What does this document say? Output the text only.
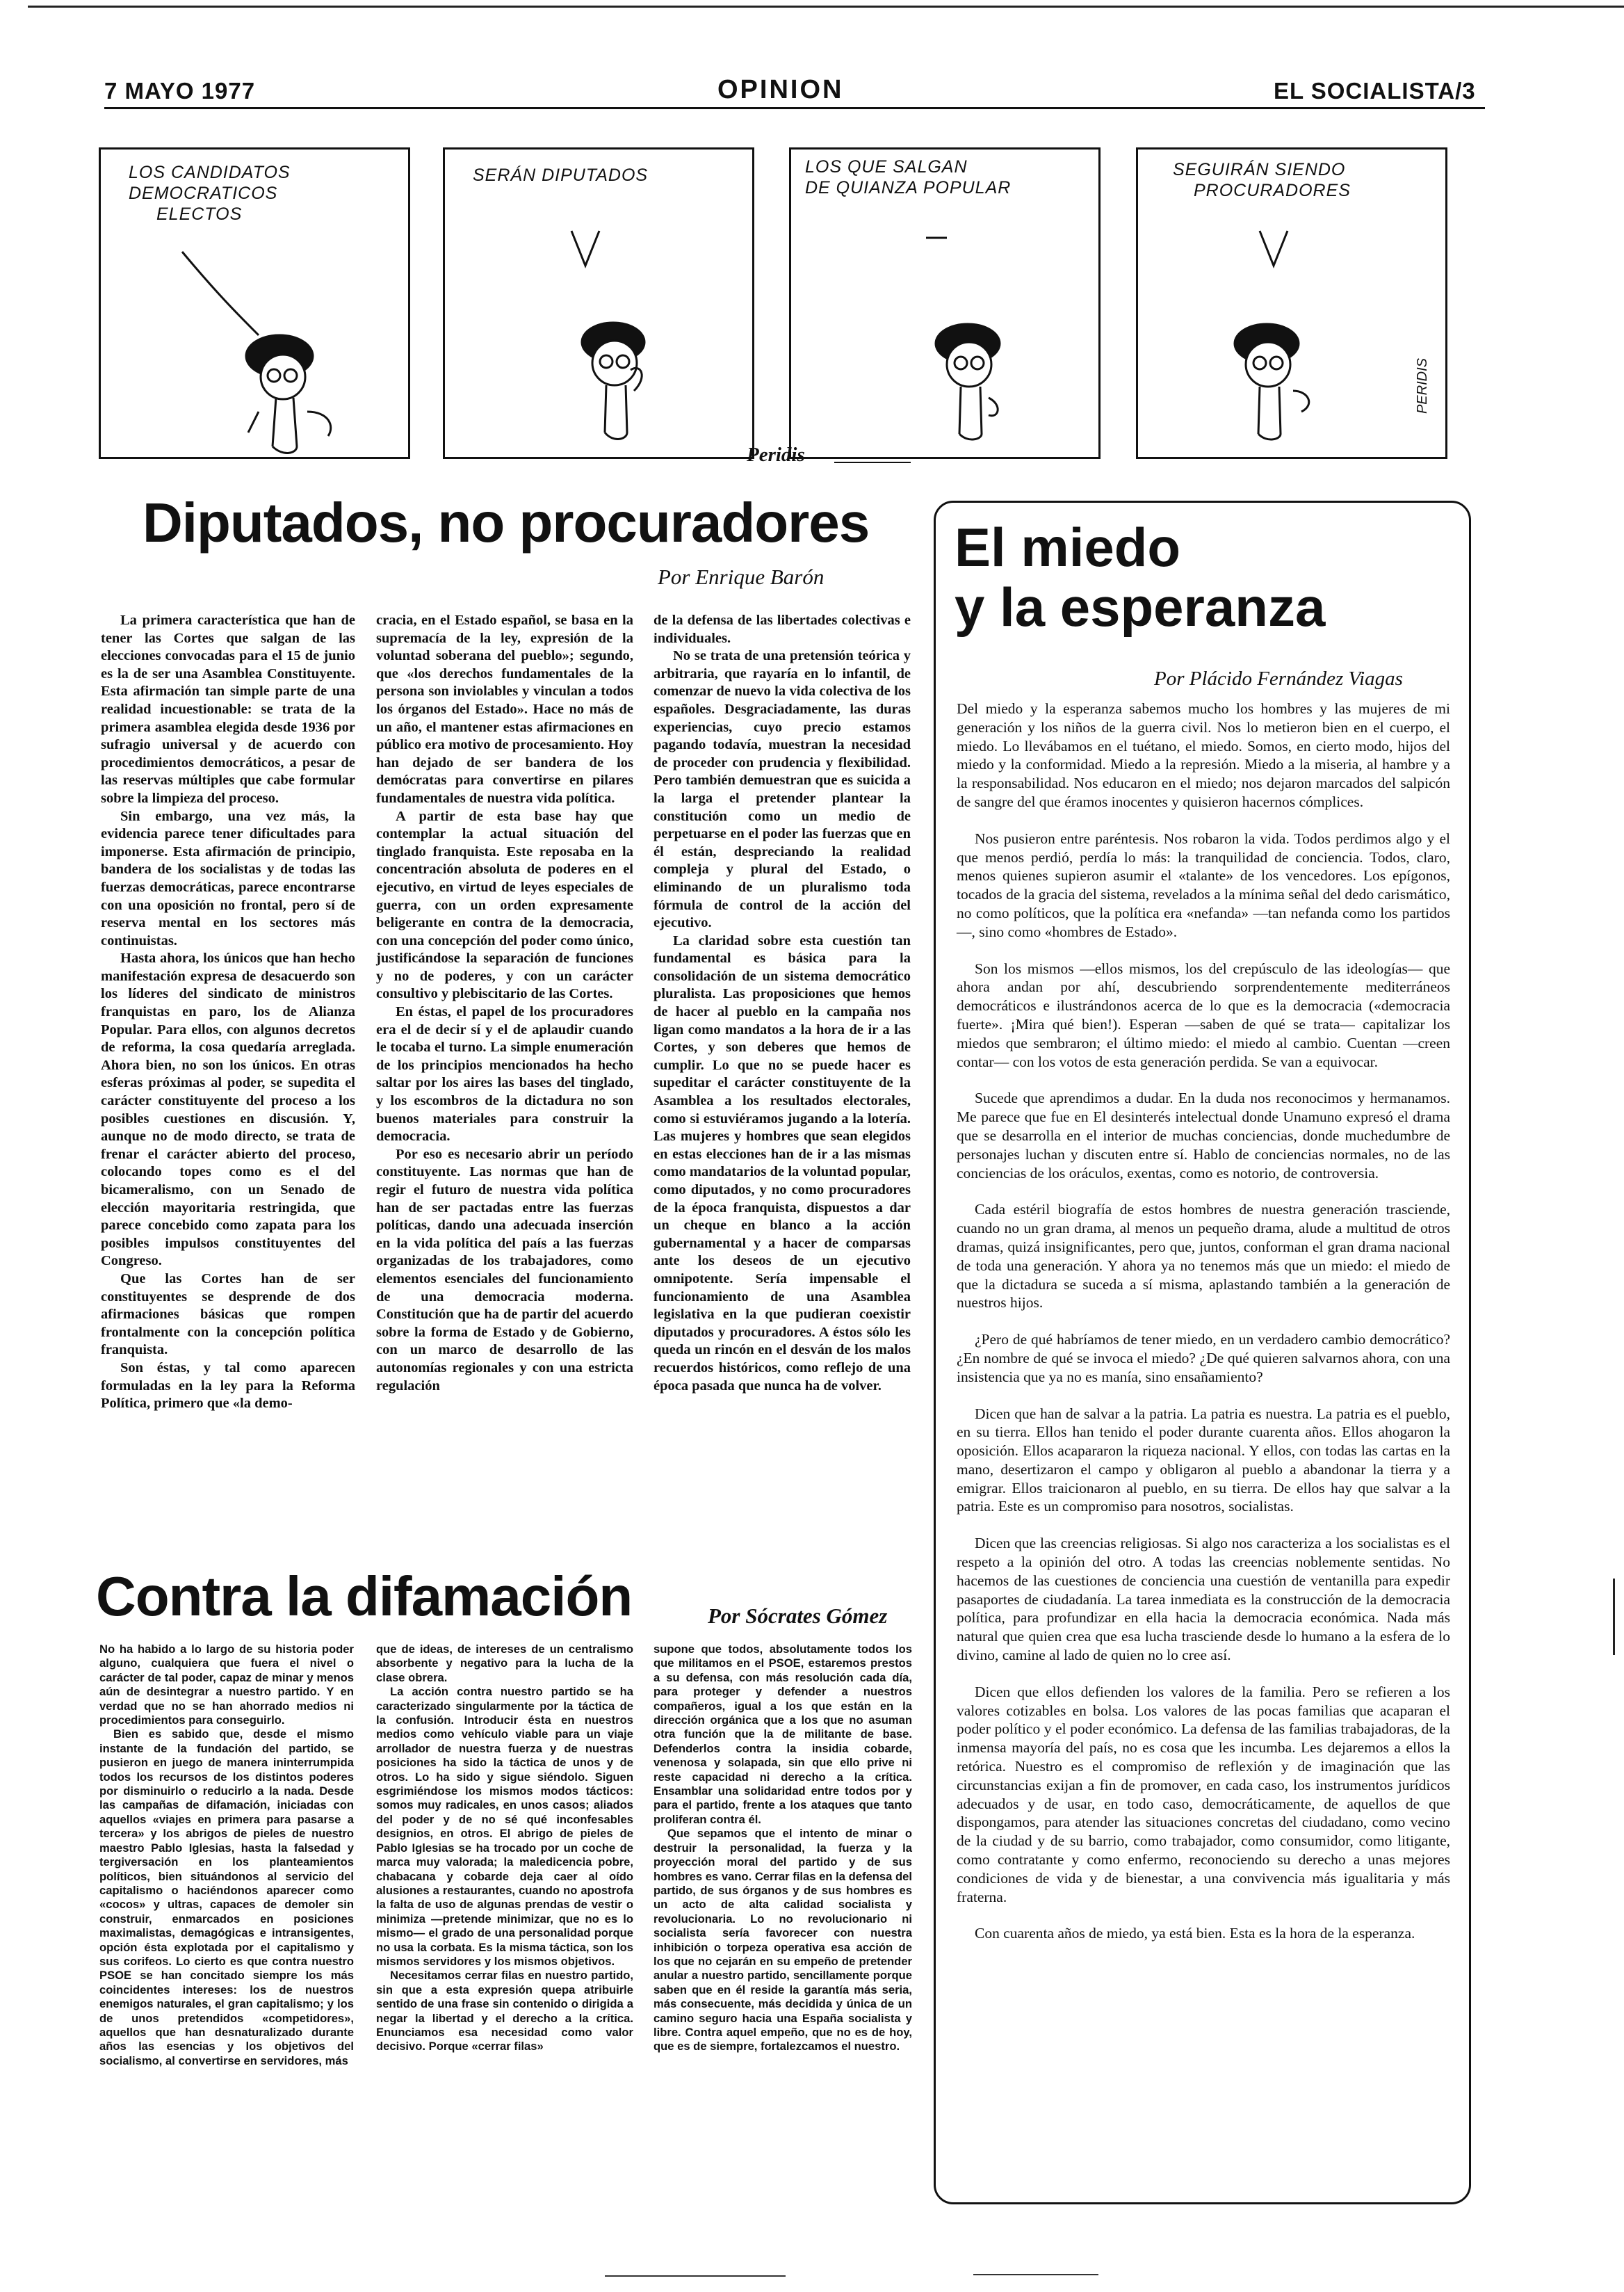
7 MAYO 1977	OPINION	EL SOCIALISTA/3
LOS CANDIDATOS
DEMOCRATICOS
ELECTOS
SERÁN DIPUTADOS	LOS QUE SALGAN
DE QUIANZA POPULAR
SEGUIRÁN SIENDO
PROCURADORES
PERIDIS
Peridis
Diputados, no procuradores
Por Enrique Barón

La primera característica que han de tener las Cortes que salgan de las elecciones convocadas para el 15 de junio es la de ser una Asamblea Constituyente. Esta afirmación tan simple parte de una realidad incuestionable: se trata de la primera asamblea elegida desde 1936 por sufragio universal y de acuerdo con procedimientos democráticos, a pesar de las reservas múltiples que cabe formular sobre la limpieza del proceso.

Sin embargo, una vez más, la evidencia parece tener dificultades para imponerse. Esta afirmación de principio, bandera de los socialistas y de todas las fuerzas democráticas, parece encontrarse con una oposición no frontal, pero sí de reserva mental en los sectores más continuistas.

Hasta ahora, los únicos que han hecho manifestación expresa de desacuerdo son los líderes del sindicato de ministros franquistas en paro, los de Alianza Popular. Para ellos, con algunos decretos de reforma, la cosa quedaría arreglada. Ahora bien, no son los únicos. En otras esferas próximas al poder, se supedita el carácter constituyente del proceso a los posibles cuestiones en discusión. Y, aunque no de modo directo, se trata de frenar el carácter abierto del proceso, colocando topes como es el del bicameralismo, con un Senado de elección mayoritaria restringida, que parece concebido como zapata para los posibles impulsos constituyentes del Congreso.

Que las Cortes han de ser constituyentes se desprende de dos afirmaciones básicas que rompen frontalmente con la concepción política franquista.

Son éstas, y tal como aparecen formuladas en la ley para la Reforma Política, primero que «la demo-

cracia, en el Estado español, se basa en la supremacía de la ley, expresión de la voluntad soberana del pueblo»; segundo, que «los derechos fundamentales de la persona son inviolables y vinculan a todos los órganos del Estado». Hace no más de un año, el mantener estas afirmaciones en público era motivo de procesamiento. Hoy han dejado de ser bandera de los demócratas para convertirse en pilares fundamentales de nuestra vida política.

A partir de esta base hay que contemplar la actual situación del tinglado franquista. Este reposaba en la concentración absoluta de poderes en el ejecutivo, en virtud de leyes especiales de guerra, con un orden expresamente beligerante en contra de la democracia, con una concepción del poder como único, justificándose la separación de funciones y no de poderes, y con un carácter consultivo y plebiscitario de las Cortes.

En éstas, el papel de los procuradores era el de decir sí y el de aplaudir cuando le tocaba el turno. La simple enumeración de los principios mencionados ha hecho saltar por los aires las bases del tinglado, y los escombros de la dictadura no son buenos materiales para construir la democracia.

Por eso es necesario abrir un período constituyente. Las normas que han de regir el futuro de nuestra vida política han de ser pactadas entre las fuerzas políticas, dando una adecuada inserción en la vida política del país a las fuerzas organizadas de los trabajadores, como elementos esenciales del funcionamiento de una democracia moderna. Constitución que ha de partir del acuerdo sobre la forma de Estado y de Gobierno, con un marco de desarrollo de las autonomías regionales y con una estricta regulación

de la defensa de las libertades colectivas e individuales.

No se trata de una pretensión teórica y arbitraria, que rayaría en lo infantil, de comenzar de nuevo la vida colectiva de los españoles. Desgraciadamente, las duras experiencias, cuyo precio estamos pagando todavía, muestran la necesidad de proceder con prudencia y flexibilidad. Pero también demuestran que es suicida a la larga el pretender plantear la constitución como un medio de perpetuarse en el poder las fuerzas que en él están, despreciando la realidad compleja y plural del Estado, o eliminando de un pluralismo toda fórmula de control de la acción del ejecutivo.

La claridad sobre esta cuestión tan fundamental es básica para la consolidación de un sistema democrático pluralista. Las proposiciones que hemos de hacer al pueblo en la campaña nos ligan como mandatos a la hora de ir a las Cortes, y son deberes que hemos de cumplir. Lo que no se puede hacer es supeditar el carácter constituyente de la Asamblea a los resultados electorales, como si estuviéramos jugando a la lotería. Las mujeres y hombres que sean elegidos en estas elecciones han de ir a las mismas como mandatarios de la voluntad popular, como diputados, y no como procuradores de la época franquista, dispuestos a dar un cheque en blanco a la acción gubernamental y a hacer de comparsas ante los deseos de un ejecutivo omnipotente. Sería impensable el funcionamiento de una Asamblea legislativa en la que pudieran coexistir diputados y procuradores. A éstos sólo les queda un rincón en el desván de los malos recuerdos históricos, como reflejo de una época pasada que nunca ha de volver.

Contra la difamación	Por Sócrates Gómez

No ha habido a lo largo de su historia poder alguno, cualquiera que fuera el nivel o carácter de tal poder, capaz de minar y menos aún de desintegrar a nuestro partido. Y en verdad que no se han ahorrado medios ni procedimientos para conseguirlo.

Bien es sabido que, desde el mismo instante de la fundación del partido, se pusieron en juego de manera ininterrumpida todos los recursos de los distintos poderes por disminuirlo o reducirlo a la nada. Desde las campañas de difamación, iniciadas con aquellos «viajes en primera para pasarse a tercera» y los abrigos de pieles de nuestro maestro Pablo Iglesias, hasta la falsedad y tergiversación en los planteamientos políticos, bien situándonos al servicio del capitalismo o haciéndonos aparecer como «cocos» y ultras, capaces de demoler sin construir, enmarcados en posiciones maximalistas, demagógicas e intransigentes, opción ésta explotada por el capitalismo y sus corifeos. Lo cierto es que contra nuestro PSOE se han concitado siempre los más coincidentes intereses: los de nuestros enemigos naturales, el gran capitalismo; y los de unos pretendidos «competidores», aquellos que han desnaturalizado durante años las esencias y los objetivos del socialismo, al convertirse en servidores, más

que de ideas, de intereses de un centralismo absorbente y negativo para la lucha de la clase obrera.

La acción contra nuestro partido se ha caracterizado singularmente por la táctica de la confusión. Introducir ésta en nuestros medios como vehículo viable para un viaje arrollador de nuestra fuerza y de nuestras posiciones ha sido la táctica de unos y de otros. Lo ha sido y sigue siéndolo. Siguen esgrimiéndose los mismos modos tácticos: somos muy radicales, en unos casos; aliados del poder y de no sé qué inconfesables designios, en otros. El abrigo de pieles de Pablo Iglesias se ha trocado por un coche de marca muy valorada; la maledicencia pobre, chabacana y cobarde deja caer al oído alusiones a restaurantes, cuando no apostrofa la falta de uso de algunas prendas de vestir o minimiza —pretende minimizar, que no es lo mismo— el grado de una personalidad porque no usa la corbata. Es la misma táctica, son los mismos servidores y los mismos objetivos.

Necesitamos cerrar filas en nuestro partido, sin que a esta expresión quepa atribuirle sentido de una frase sin contenido o dirigida a negar la libertad y el derecho a la crítica. Enunciamos esa necesidad como valor decisivo. Porque «cerrar filas»

supone que todos, absolutamente todos los que militamos en el PSOE, estaremos prestos a su defensa, con más resolución cada día, para proteger y defender a nuestros compañeros, igual a los que están en la dirección orgánica que a los que no asuman otra función que la de militante de base. Defenderlos contra la insidia cobarde, venenosa y solapada, sin que ello prive ni reste capacidad ni derecho a la crítica. Ensamblar una solidaridad entre todos por y para el partido, frente a los ataques que tanto proliferan contra él.

Que sepamos que el intento de minar o destruir la personalidad, la fuerza y la proyección moral del partido y de sus hombres es vano. Cerrar filas en la defensa del partido, de sus órganos y de sus hombres es un acto de alta calidad socialista y revolucionaria. Lo no revolucionario ni socialista sería favorecer con nuestra inhibición o torpeza operativa esa acción de los que no cejarán en su empeño de pretender anular a nuestro partido, sencillamente porque saben que en él reside la garantía más seria, más consecuente, más decidida y única de un camino seguro hacia una España socialista y libre. Contra aquel empeño, que no es de hoy, que es de siempre, fortalezcamos el nuestro.

El miedo
y la esperanza
Por Plácido Fernández Viagas

Del miedo y la esperanza sabemos mucho los hombres y las mujeres de mi generación y los niños de la guerra civil. Nos lo metieron bien en el cuerpo, el miedo. Lo llevábamos en el tuétano, el miedo. Somos, en cierto modo, hijos del miedo y la conformidad. Miedo a la represión. Miedo a la miseria, al hambre y a la responsabilidad. Nos educaron en el miedo; nos dejaron marcados del salpicón de sangre del que éramos inocentes y quisieron hacernos cómplices.

Nos pusieron entre paréntesis. Nos robaron la vida. Todos perdimos algo y el que menos perdió, perdía lo más: la tranquilidad de conciencia. Todos, claro, menos quienes supieron asumir el «talante» de los vencedores. Los epígonos, tocados de la gracia del sistema, revelados a la mínima señal del dedo carismático, no como políticos, que la política era «nefanda» —tan nefanda como los partidos—, sino como «hombres de Estado».

Son los mismos —ellos mismos, los del crepúsculo de las ideologías— que ahora andan por ahí, descubriendo sorprendentemente mediterráneos democráticos e ilustrándonos acerca de lo que es la democracia («democracia fuerte». ¡Mira qué bien!). Esperan —saben de qué se trata— capitalizar los miedos que sembraron; el último miedo: el miedo al cambio. Cuentan —creen contar— con los votos de esta generación perdida. Se van a equivocar.

Sucede que aprendimos a dudar. En la duda nos reconocimos y hermanamos. Me parece que fue en El desinterés intelectual donde Unamuno expresó el drama que se desarrolla en el interior de muchas conciencias, donde muchedumbre de personajes luchan y discuten entre sí. Hablo de conciencias normales, no de las conciencias de los oráculos, exentas, como es notorio, de controversia.

Cada estéril biografía de estos hombres de nuestra generación trasciende, cuando no un gran drama, al menos un pequeño drama, alude a multitud de otros dramas, quizá insignificantes, pero que, juntos, conforman el gran drama nacional de toda una generación. Y ahora ya no tenemos más que un miedo: el miedo de que la dictadura se suceda a sí misma, aplastando también a la generación de nuestros hijos.

¿Pero de qué habríamos de tener miedo, en un verdadero cambio democrático? ¿En nombre de qué se invoca el miedo? ¿De qué quieren salvarnos ahora, con una insistencia que ya no es manía, sino ensañamiento?

Dicen que han de salvar a la patria. La patria es nuestra. La patria es el pueblo, en su tierra. Ellos han tenido el poder durante cuarenta años. Ellos ahogaron la oposición. Ellos acapararon la riqueza nacional. Y ellos, con todas las cartas en la mano, desertizaron el campo y obligaron al pueblo a abandonar la tierra y a emigrar. Ellos traicionaron al pueblo, en su tierra. De ellos hay que salvar a la patria. Este es un compromiso para nosotros, socialistas.

Dicen que las creencias religiosas. Si algo nos caracteriza a los socialistas es el respeto a la opinión del otro. A todas las creencias noblemente sentidas. No hacemos de las cuestiones de conciencia una cuestión de ventanilla para expedir pasaportes de ciudadanía. La tarea inmediata es la construcción de la democracia política, para profundizar en ella hacia la democracia económica. Nada más natural que quien crea que esa lucha trasciende desde lo humano a la esfera de lo divino, camine al lado de quien no lo cree así.

Dicen que ellos defienden los valores de la familia. Pero se refieren a los valores cotizables en bolsa. Los valores de las pocas familias que acaparan el poder político y el poder económico. La defensa de las familias trabajadoras, de la inmensa mayoría del país, no es cosa que les incumba. Les dejaremos a ellos la retórica. Nuestro es el compromiso de reflexión y de imaginación que las circunstancias exijan a fin de promover, en cada caso, los instrumentos jurídicos adecuados y de usar, en todo caso, democráticamente, de aquellos de que dispongamos, para atender las situaciones concretas del ciudadano, como vecino de la ciudad y de su barrio, como trabajador, como consumidor, como litigante, como contratante y como enfermo, reconociendo su derecho a unas mejores condiciones de vida y de bienestar, a una convivencia más igualitaria y más fraterna.

Con cuarenta años de miedo, ya está bien. Esta es la hora de la esperanza.
